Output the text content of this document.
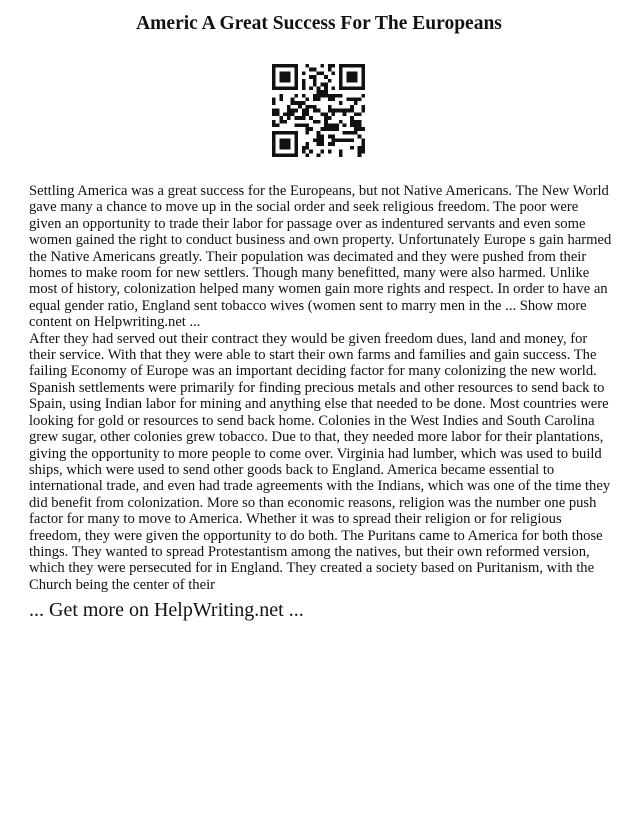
Americ A Great Success For The Europeans

Settling America was a great success for the Europeans, but not Native Americans. The New World gave many a chance to move up in the social order and seek religious freedom. The poor were given an opportunity to trade their labor for passage over as indentured servants and even some women gained the right to conduct business and own property. Unfortunately Europe s gain harmed the Native Americans greatly. Their population was decimated and they were pushed from their homes to make room for new settlers. Though many benefitted, many were also harmed. Unlike most of history, colonization helped many women gain more rights and respect. In order to have an equal gender ratio, England sent tobacco wives (women sent to marry men in the ... Show more content on Helpwriting.net ...

After they had served out their contract they would be given freedom dues, land and money, for their service. With that they were able to start their own farms and families and gain success. The failing Economy of Europe was an important deciding factor for many colonizing the new world. Spanish settlements were primarily for finding precious metals and other resources to send back to Spain, using Indian labor for mining and anything else that needed to be done. Most countries were looking for gold or resources to send back home. Colonies in the West Indies and South Carolina grew sugar, other colonies grew tobacco. Due to that, they needed more labor for their plantations, giving the opportunity to more people to come over. Virginia had lumber, which was used to build ships, which were used to send other goods back to England. America became essential to international trade, and even had trade agreements with the Indians, which was one of the time they did benefit from colonization. More so than economic reasons, religion was the number one push factor for many to move to America. Whether it was to spread their religion or for religious freedom, they were given the opportunity to do both. The Puritans came to America for both those things. They wanted to spread Protestantism among the natives, but their own reformed version, which they were persecuted for in England. They created a society based on Puritanism, with the Church being the center of their

... Get more on HelpWriting.net ...
